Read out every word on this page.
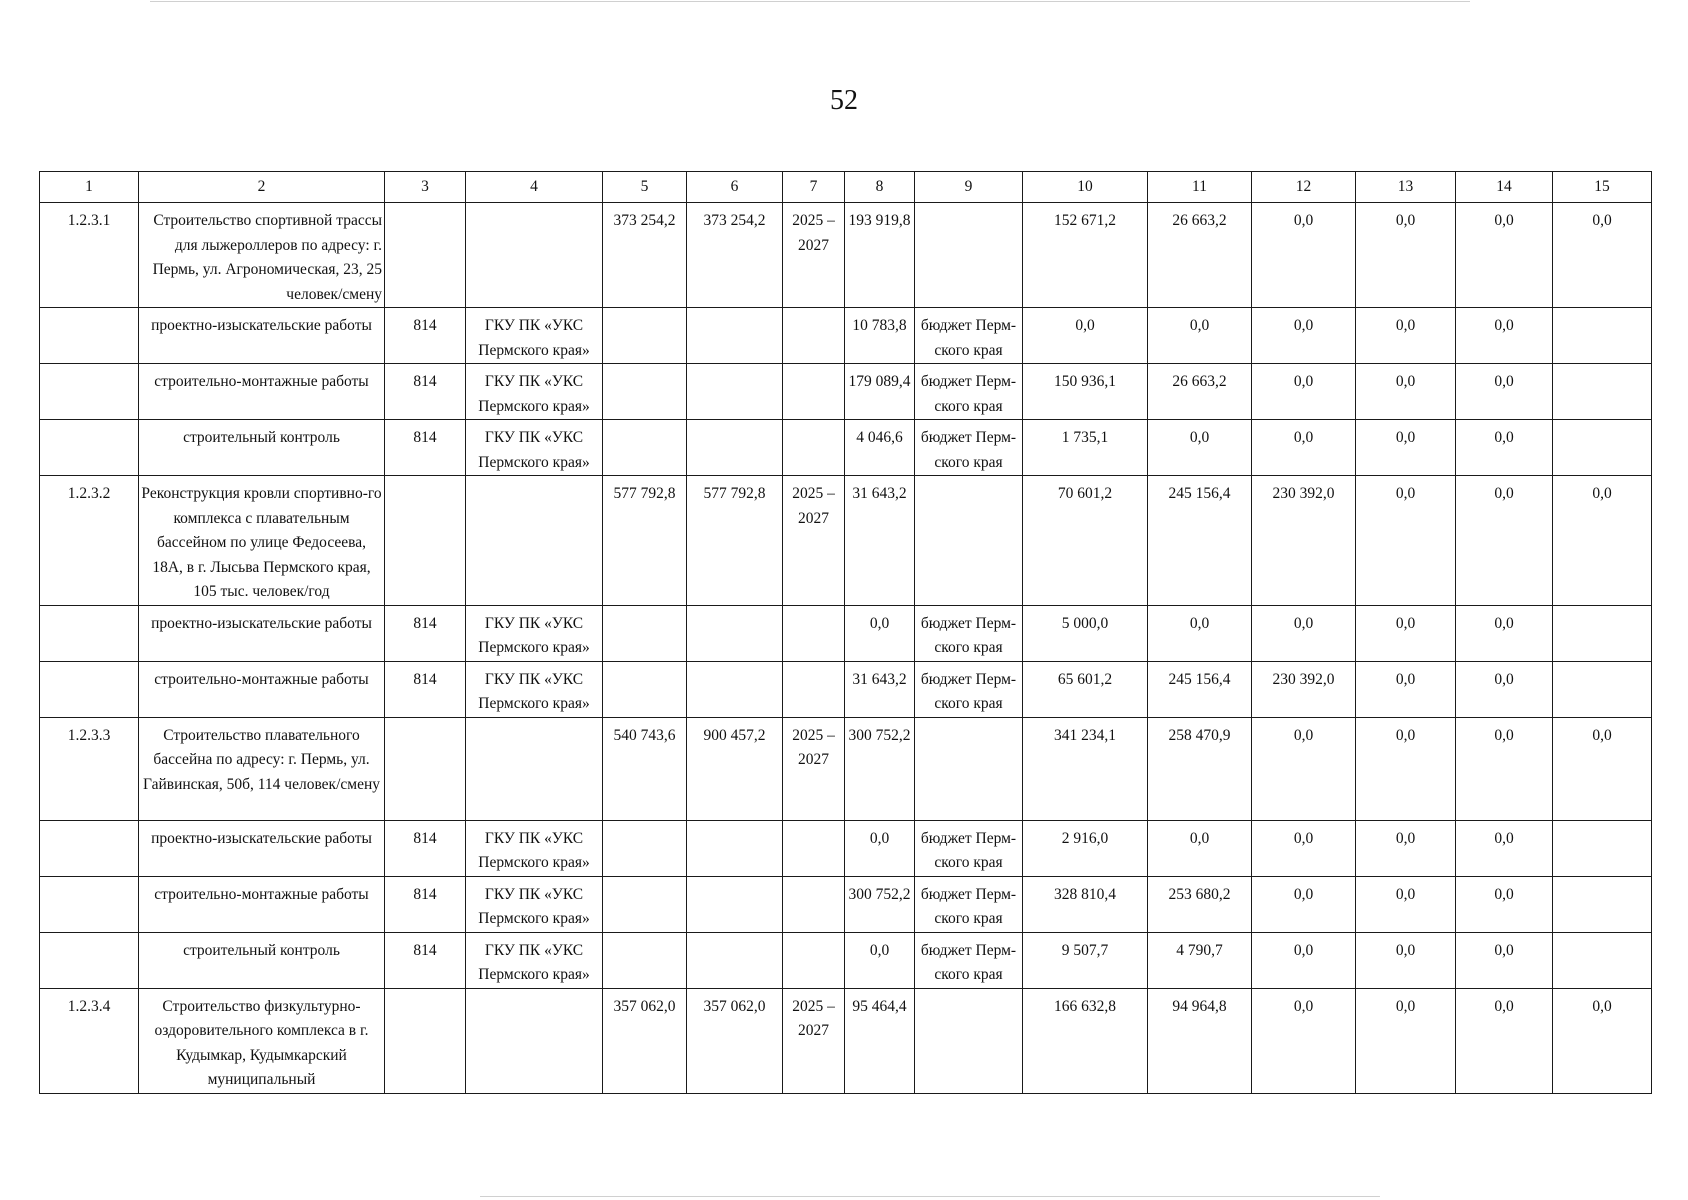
52
1	2	3	4	5	6	7	8	9	10	11	12	13	14	15
1.2.3.1	Строительство спортивной трассы для лыжероллеров по адресу: г. Пермь, ул. Агрономическая, 23, 25 человек/смену			373 254,2	373 254,2	2025 – 2027	193 919,8		152 671,2	26 663,2	0,0	0,0	0,0	0,0
	проектно-изыскательские работы	814	ГКУ ПК «УКС Пермского края»				10 783,8	бюджет Перм-ского края	0,0	0,0	0,0	0,0	0,0	
	строительно-монтажные работы	814	ГКУ ПК «УКС Пермского края»				179 089,4	бюджет Перм-ского края	150 936,1	26 663,2	0,0	0,0	0,0	
	строительный контроль	814	ГКУ ПК «УКС Пермского края»				4 046,6	бюджет Перм-ского края	1 735,1	0,0	0,0	0,0	0,0	
1.2.3.2	Реконструкция кровли спортивно-го комплекса с плавательным бассейном по улице Федосеева, 18А, в г. Лысьва Пермского края, 105 тыс. человек/год			577 792,8	577 792,8	2025 – 2027	31 643,2		70 601,2	245 156,4	230 392,0	0,0	0,0	0,0
	проектно-изыскательские работы	814	ГКУ ПК «УКС Пермского края»				0,0	бюджет Перм-ского края	5 000,0	0,0	0,0	0,0	0,0	
	строительно-монтажные работы	814	ГКУ ПК «УКС Пермского края»				31 643,2	бюджет Перм-ского края	65 601,2	245 156,4	230 392,0	0,0	0,0	
1.2.3.3	Строительство плавательного бассейна по адресу: г. Пермь, ул. Гайвинская, 50б, 114 человек/смену			540 743,6	900 457,2	2025 – 2027	300 752,2		341 234,1	258 470,9	0,0	0,0	0,0	0,0
	проектно-изыскательские работы	814	ГКУ ПК «УКС Пермского края»				0,0	бюджет Перм-ского края	2 916,0	0,0	0,0	0,0	0,0	
	строительно-монтажные работы	814	ГКУ ПК «УКС Пермского края»				300 752,2	бюджет Перм-ского края	328 810,4	253 680,2	0,0	0,0	0,0	
	строительный контроль	814	ГКУ ПК «УКС Пермского края»				0,0	бюджет Перм-ского края	9 507,7	4 790,7	0,0	0,0	0,0	
1.2.3.4	Строительство физкультурно-оздоровительного комплекса в г. Кудымкар, Кудымкарский муниципальный			357 062,0	357 062,0	2025 – 2027	95 464,4		166 632,8	94 964,8	0,0	0,0	0,0	0,0
